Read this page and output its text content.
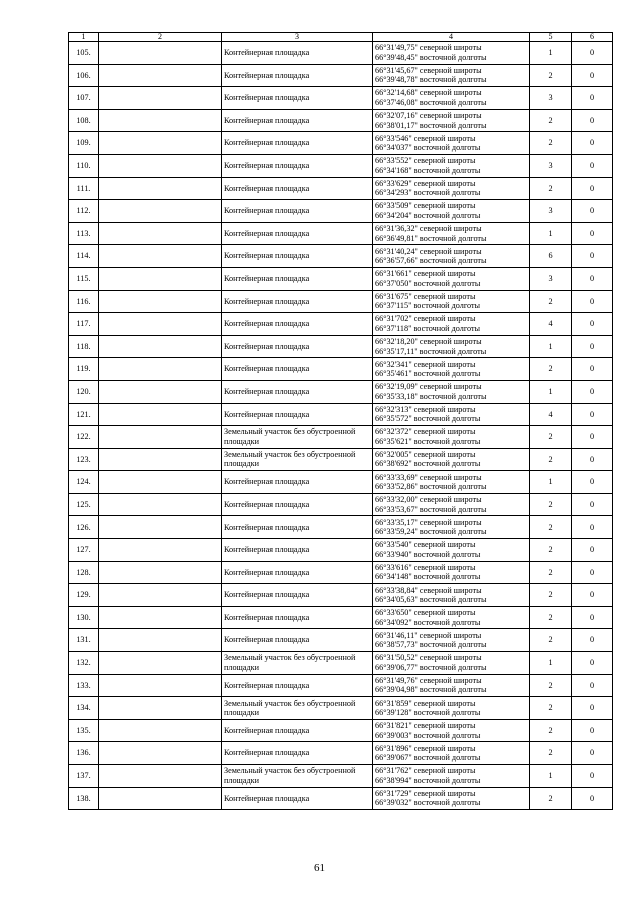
1	2	3	4	5	6
105.		Контейнерная площадка	66°31'49,75" северной широты
66°39'48,45" восточной долготы	1	0
106.		Контейнерная площадка	66°31'45,67" северной широты
66°39'48,78" восточной долготы	2	0
107.		Контейнерная площадка	66°32'14,68" северной широты
66°37'46,08" восточной долготы	3	0
108.		Контейнерная площадка	66°32'07,16" северной широты
66°38'01,17" восточной долготы	2	0
109.		Контейнерная площадка	66°33'546" северной широты
66°34'037" восточной долготы	2	0
110.		Контейнерная площадка	66°33'552" северной широты
66°34'168" восточной долготы	3	0
111.		Контейнерная площадка	66°33'629" северной широты
66°34'293" восточной долготы	2	0
112.		Контейнерная площадка	66°33'509" северной широты
66°34'204" восточной долготы	3	0
113.		Контейнерная площадка	66°31'36,32" северной широты
66°36'49,81" восточной долготы	1	0
114.		Контейнерная площадка	66°31'40,24" северной широты
66°36'57,66" восточной долготы	6	0
115.		Контейнерная площадка	66°31'661" северной широты
66°37'050" восточной долготы	3	0
116.		Контейнерная площадка	66°31'675" северной широты
66°37'115" восточной долготы	2	0
117.		Контейнерная площадка	66°31'702" северной широты
66°37'118" восточной долготы	4	0
118.		Контейнерная площадка	66°32'18,20" северной широты
66°35'17,11" восточной долготы	1	0
119.		Контейнерная площадка	66°32'341" северной широты
66°35'461" восточной долготы	2	0
120.		Контейнерная площадка	66°32'19,09" северной широты
66°35'33,18" восточной долготы	1	0
121.		Контейнерная площадка	66°32'313" северной широты
66°35'572" восточной долготы	4	0
122.		Земельный участок без обустроенной площадки	66°32'372" северной широты
66°35'621" восточной долготы	2	0
123.		Земельный участок без обустроенной площадки	66°32'005" северной широты
66°38'692" восточной долготы	2	0
124.		Контейнерная площадка	66°33'33,69" северной широты
66°33'52,86" восточной долготы	1	0
125.		Контейнерная площадка	66°33'32,00" северной широты
66°33'53,67" восточной долготы	2	0
126.		Контейнерная площадка	66°33'35,17" северной широты
66°33'59,24" восточной долготы	2	0
127.		Контейнерная площадка	66°33'540" северной широты
66°33'940" восточной долготы	2	0
128.		Контейнерная площадка	66°33'616" северной широты
66°34'148" восточной долготы	2	0
129.		Контейнерная площадка	66°33'38,84" северной широты
66°34'05,63" восточной долготы	2	0
130.		Контейнерная площадка	66°33'650" северной широты
66°34'092" восточной долготы	2	0
131.		Контейнерная площадка	66°31'46,11" северной широты
66°38'57,73" восточной долготы	2	0
132.		Земельный участок без обустроенной площадки	66°31'50,52" северной широты
66°39'06,77" восточной долготы	1	0
133.		Контейнерная площадка	66°31'49,76" северной широты
66°39'04,98" восточной долготы	2	0
134.		Земельный участок без обустроенной площадки	66°31'859" северной широты
66°39'128" восточной долготы	2	0
135.		Контейнерная площадка	66°31'821" северной широты
66°39'003" восточной долготы	2	0
136.		Контейнерная площадка	66°31'896" северной широты
66°39'067" восточной долготы	2	0
137.		Земельный участок без обустроенной площадки	66°31'762" северной широты
66°38'994" восточной долготы	1	0
138.		Контейнерная площадка	66°31'729" северной широты
66°39'032" восточной долготы	2	0
61
